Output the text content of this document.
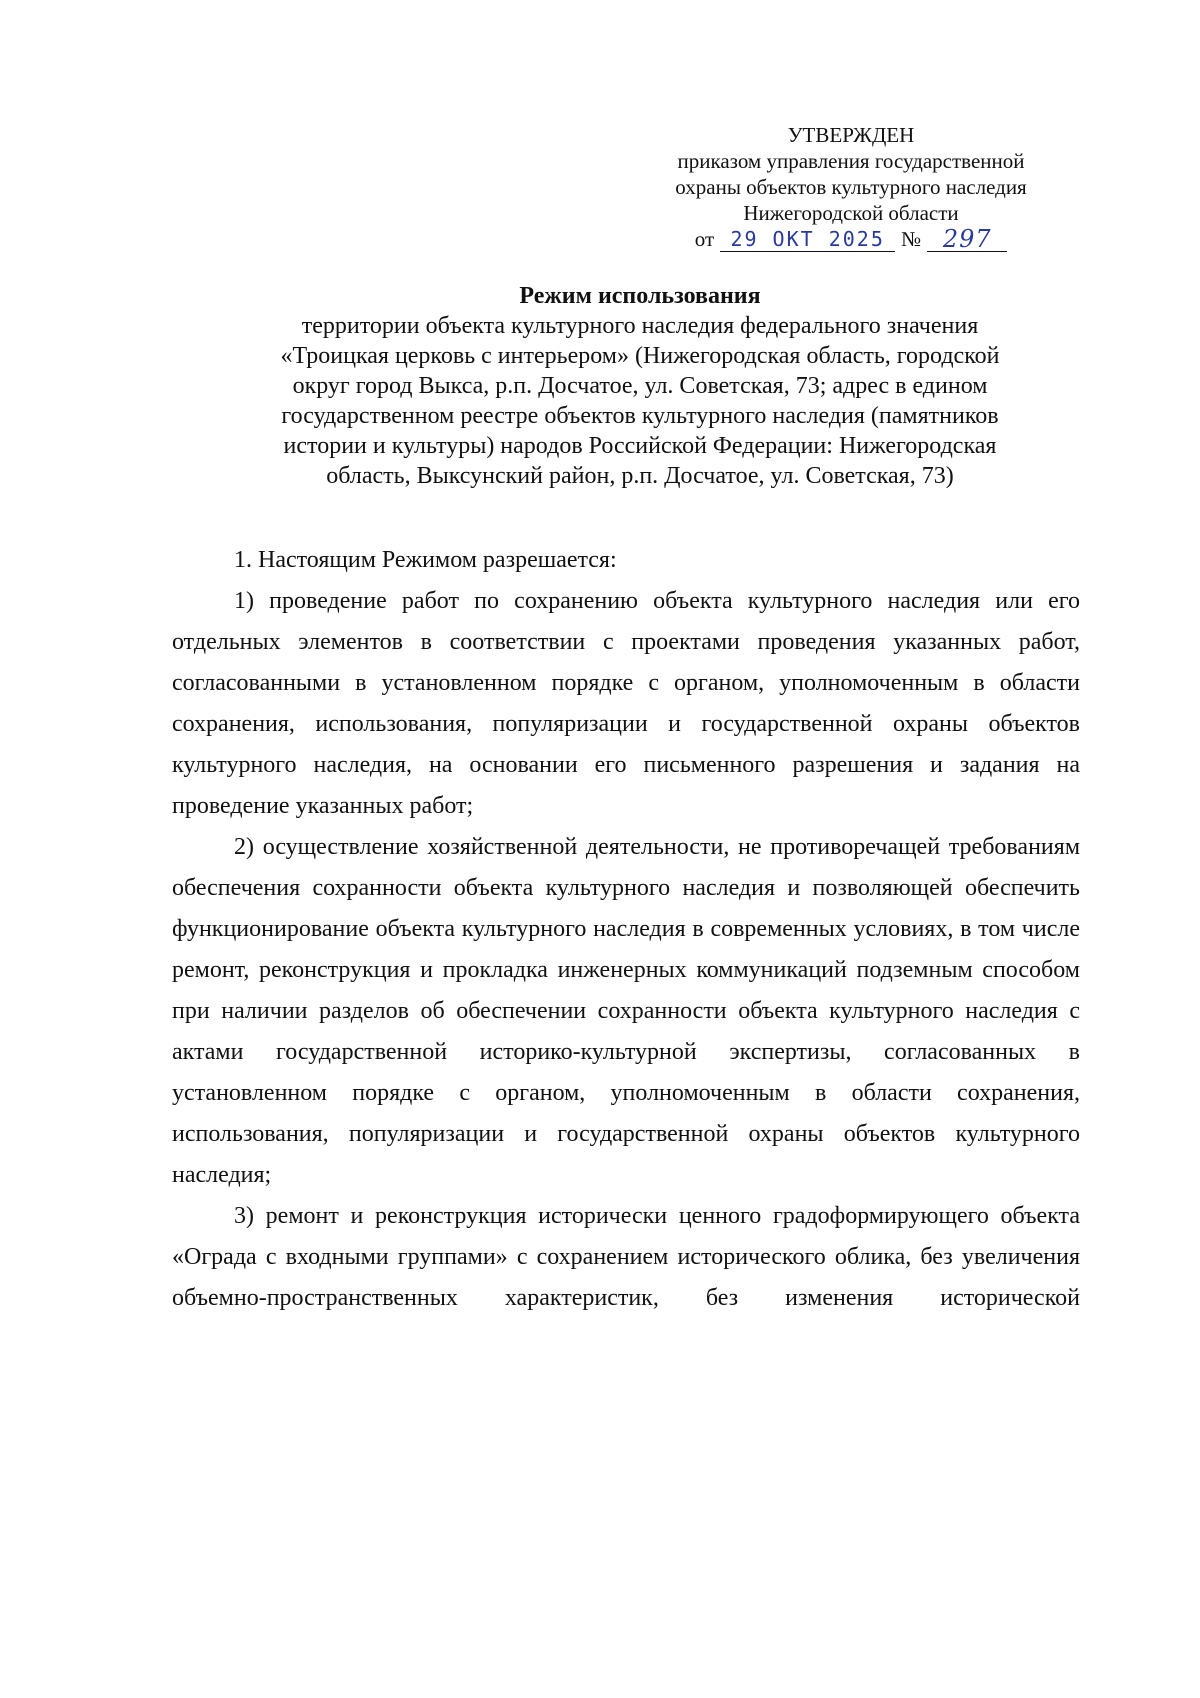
УТВЕРЖДЕН
приказом управления государственной
охраны объектов культурного наследия
Нижегородской области
от 29 ОКТ 2025 № 297
Режим использования
территории объекта культурного наследия федерального значения
«Троицкая церковь с интерьером» (Нижегородская область, городской
округ город Выкса, р.п. Досчатое, ул. Советская, 73; адрес в едином
государственном реестре объектов культурного наследия (памятников
истории и культуры) народов Российской Федерации: Нижегородская
область, Выксунский район, р.п. Досчатое, ул. Советская, 73)

1. Настоящим Режимом разрешается:

1) проведение работ по сохранению объекта культурного наследия или его отдельных элементов в соответствии с проектами проведения указанных работ, согласованными в установленном порядке с органом, уполномоченным в области сохранения, использования, популяризации и государственной охраны объектов культурного наследия, на основании его письменного разрешения и задания на проведение указанных работ;

2) осуществление хозяйственной деятельности, не противоречащей требованиям обеспечения сохранности объекта культурного наследия и позволяющей обеспечить функционирование объекта культурного наследия в современных условиях, в том числе ремонт, реконструкция и прокладка инженерных коммуникаций подземным способом при наличии разделов об обеспечении сохранности объекта культурного наследия с актами государственной историко-культурной экспертизы, согласованных в установленном порядке с органом, уполномоченным в области сохранения, использования, популяризации и государственной охраны объектов культурного наследия;

3) ремонт и реконструкция исторически ценного градоформирующего объекта «Ограда с входными группами» с сохранением исторического облика, без увеличения объемно-пространственных характеристик, без изменения исторической
